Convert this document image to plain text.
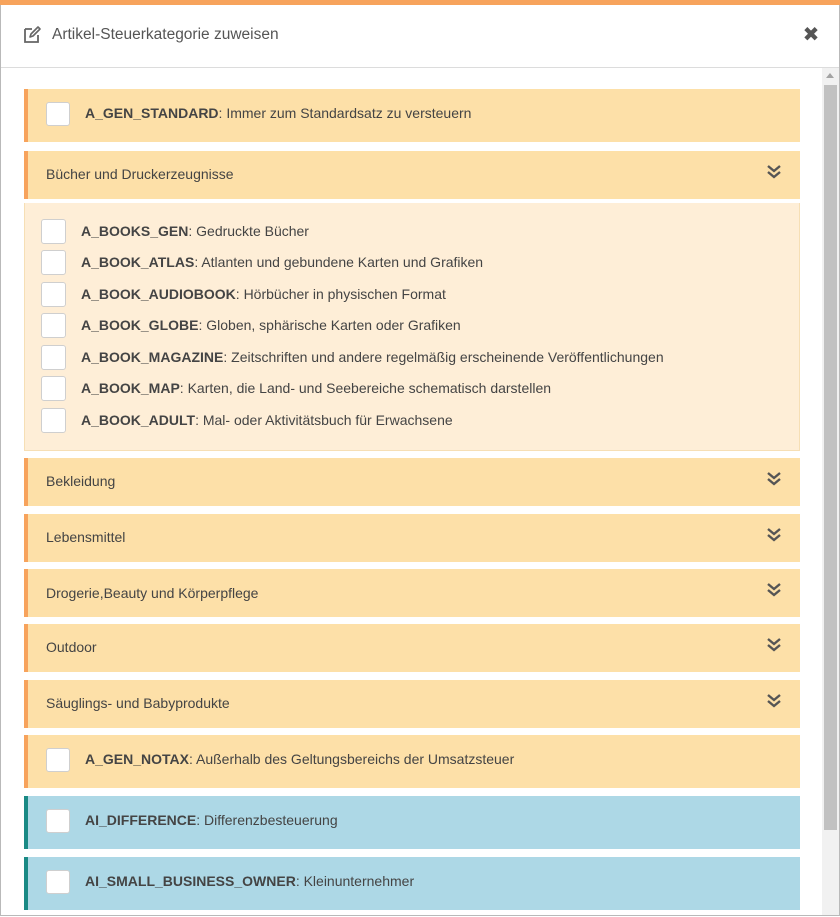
Artikel-Steuerkategorie zuweisen	✖
A_GEN_STANDARD: Immer zum Standardsatz zu versteuern
Bücher und Druckerzeugnisse
A_BOOKS_GEN: Gedruckte Bücher
A_BOOK_ATLAS: Atlanten und gebundene Karten und Grafiken
A_BOOK_AUDIOBOOK: Hörbücher in physischen Format
A_BOOK_GLOBE: Globen, sphärische Karten oder Grafiken
A_BOOK_MAGAZINE: Zeitschriften und andere regelmäßig erscheinende Veröffentlichungen
A_BOOK_MAP: Karten, die Land- und Seebereiche schematisch darstellen
A_BOOK_ADULT: Mal- oder Aktivitätsbuch für Erwachsene
Bekleidung
Lebensmittel
Drogerie,Beauty und Körperpflege
Outdoor
Säuglings- und Babyprodukte
A_GEN_NOTAX: Außerhalb des Geltungsbereichs der Umsatzsteuer
AI_DIFFERENCE: Differenzbesteuerung
AI_SMALL_BUSINESS_OWNER: Kleinunternehmer
